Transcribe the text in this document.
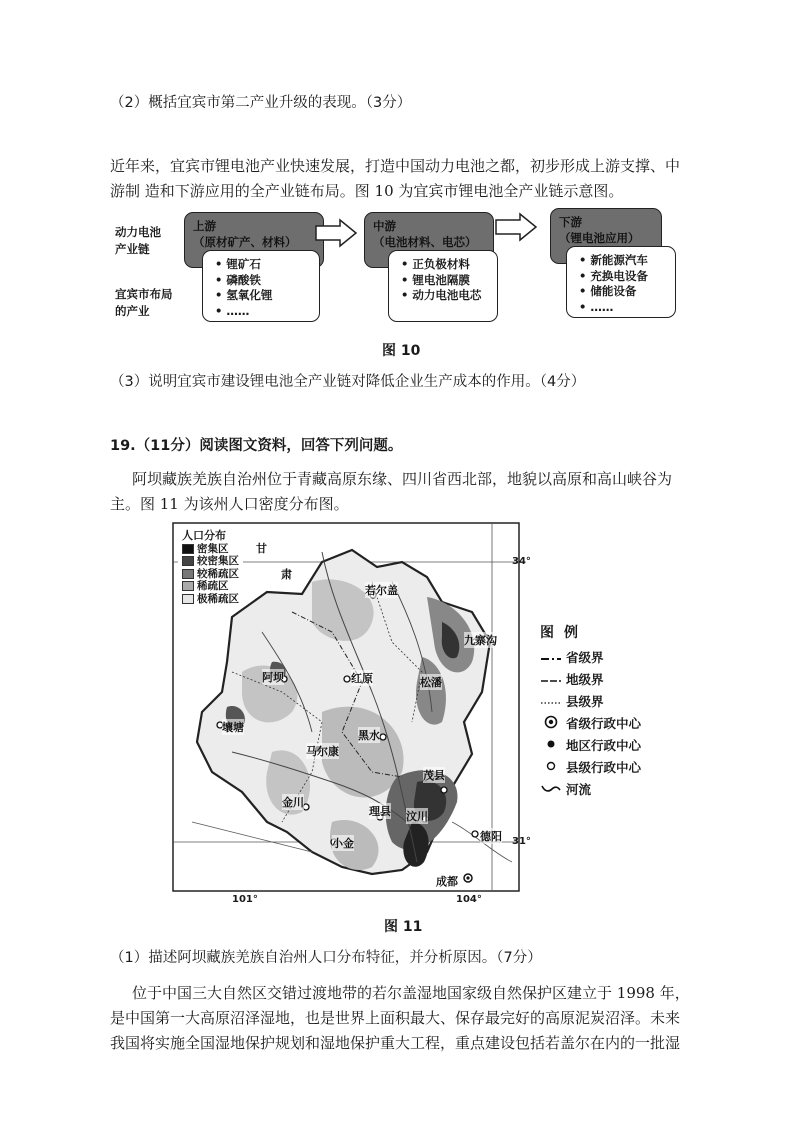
（2）概括宜宾市第二产业升级的表现。（3分）
近年来，宜宾市锂电池产业快速发展，打造中国动力电池之都，初步形成上游支撑、中
游制 造和下游应用的全产业链布局。图 10 为宜宾市锂电池全产业链示意图。
动力电池
产业链
宜宾市布局
的产业
上游
（原材矿产、材料）
• 锂矿石
• 磷酸铁
• 氢氧化锂
• ……
中游
（电池材料、电芯）
• 正负极材料
• 锂电池隔膜
• 动力电池电芯
下游
（锂电池应用）
• 新能源汽车
• 充换电设备
• 储能设备
• ……
图 10
（3）说明宜宾市建设锂电池全产业链对降低企业生产成本的作用。（4分）
19.（11分）阅读图文资料，回答下列问题。
阿坝藏族羌族自治州位于青藏高原东缘、四川省西北部，地貌以高原和高山峡谷为
主。图 11 为该州人口密度分布图。
人口分布
密集区
较密集区
较稀疏区
稀疏区
极稀疏区
甘
肃
若尔盖
九寨沟
阿坝	红原	松潘
壤塘
黑水
马尔康
茂县
金川
理县 汶川
小金
德阳
成都
34°
31°
101°	104°
图例
省级界
地级界
县级界
省级行政中心
地区行政中心
县级行政中心
河流
图 11
（1）描述阿坝藏族羌族自治州人口分布特征，并分析原因。（7分）
位于中国三大自然区交错过渡地带的若尔盖湿地国家级自然保护区建立于 1998 年，
是中国第一大高原沼泽湿地，也是世界上面积最大、保存最完好的高原泥炭沼泽。未来
我国将实施全国湿地保护规划和湿地保护重大工程，重点建设包括若盖尔在内的一批湿
